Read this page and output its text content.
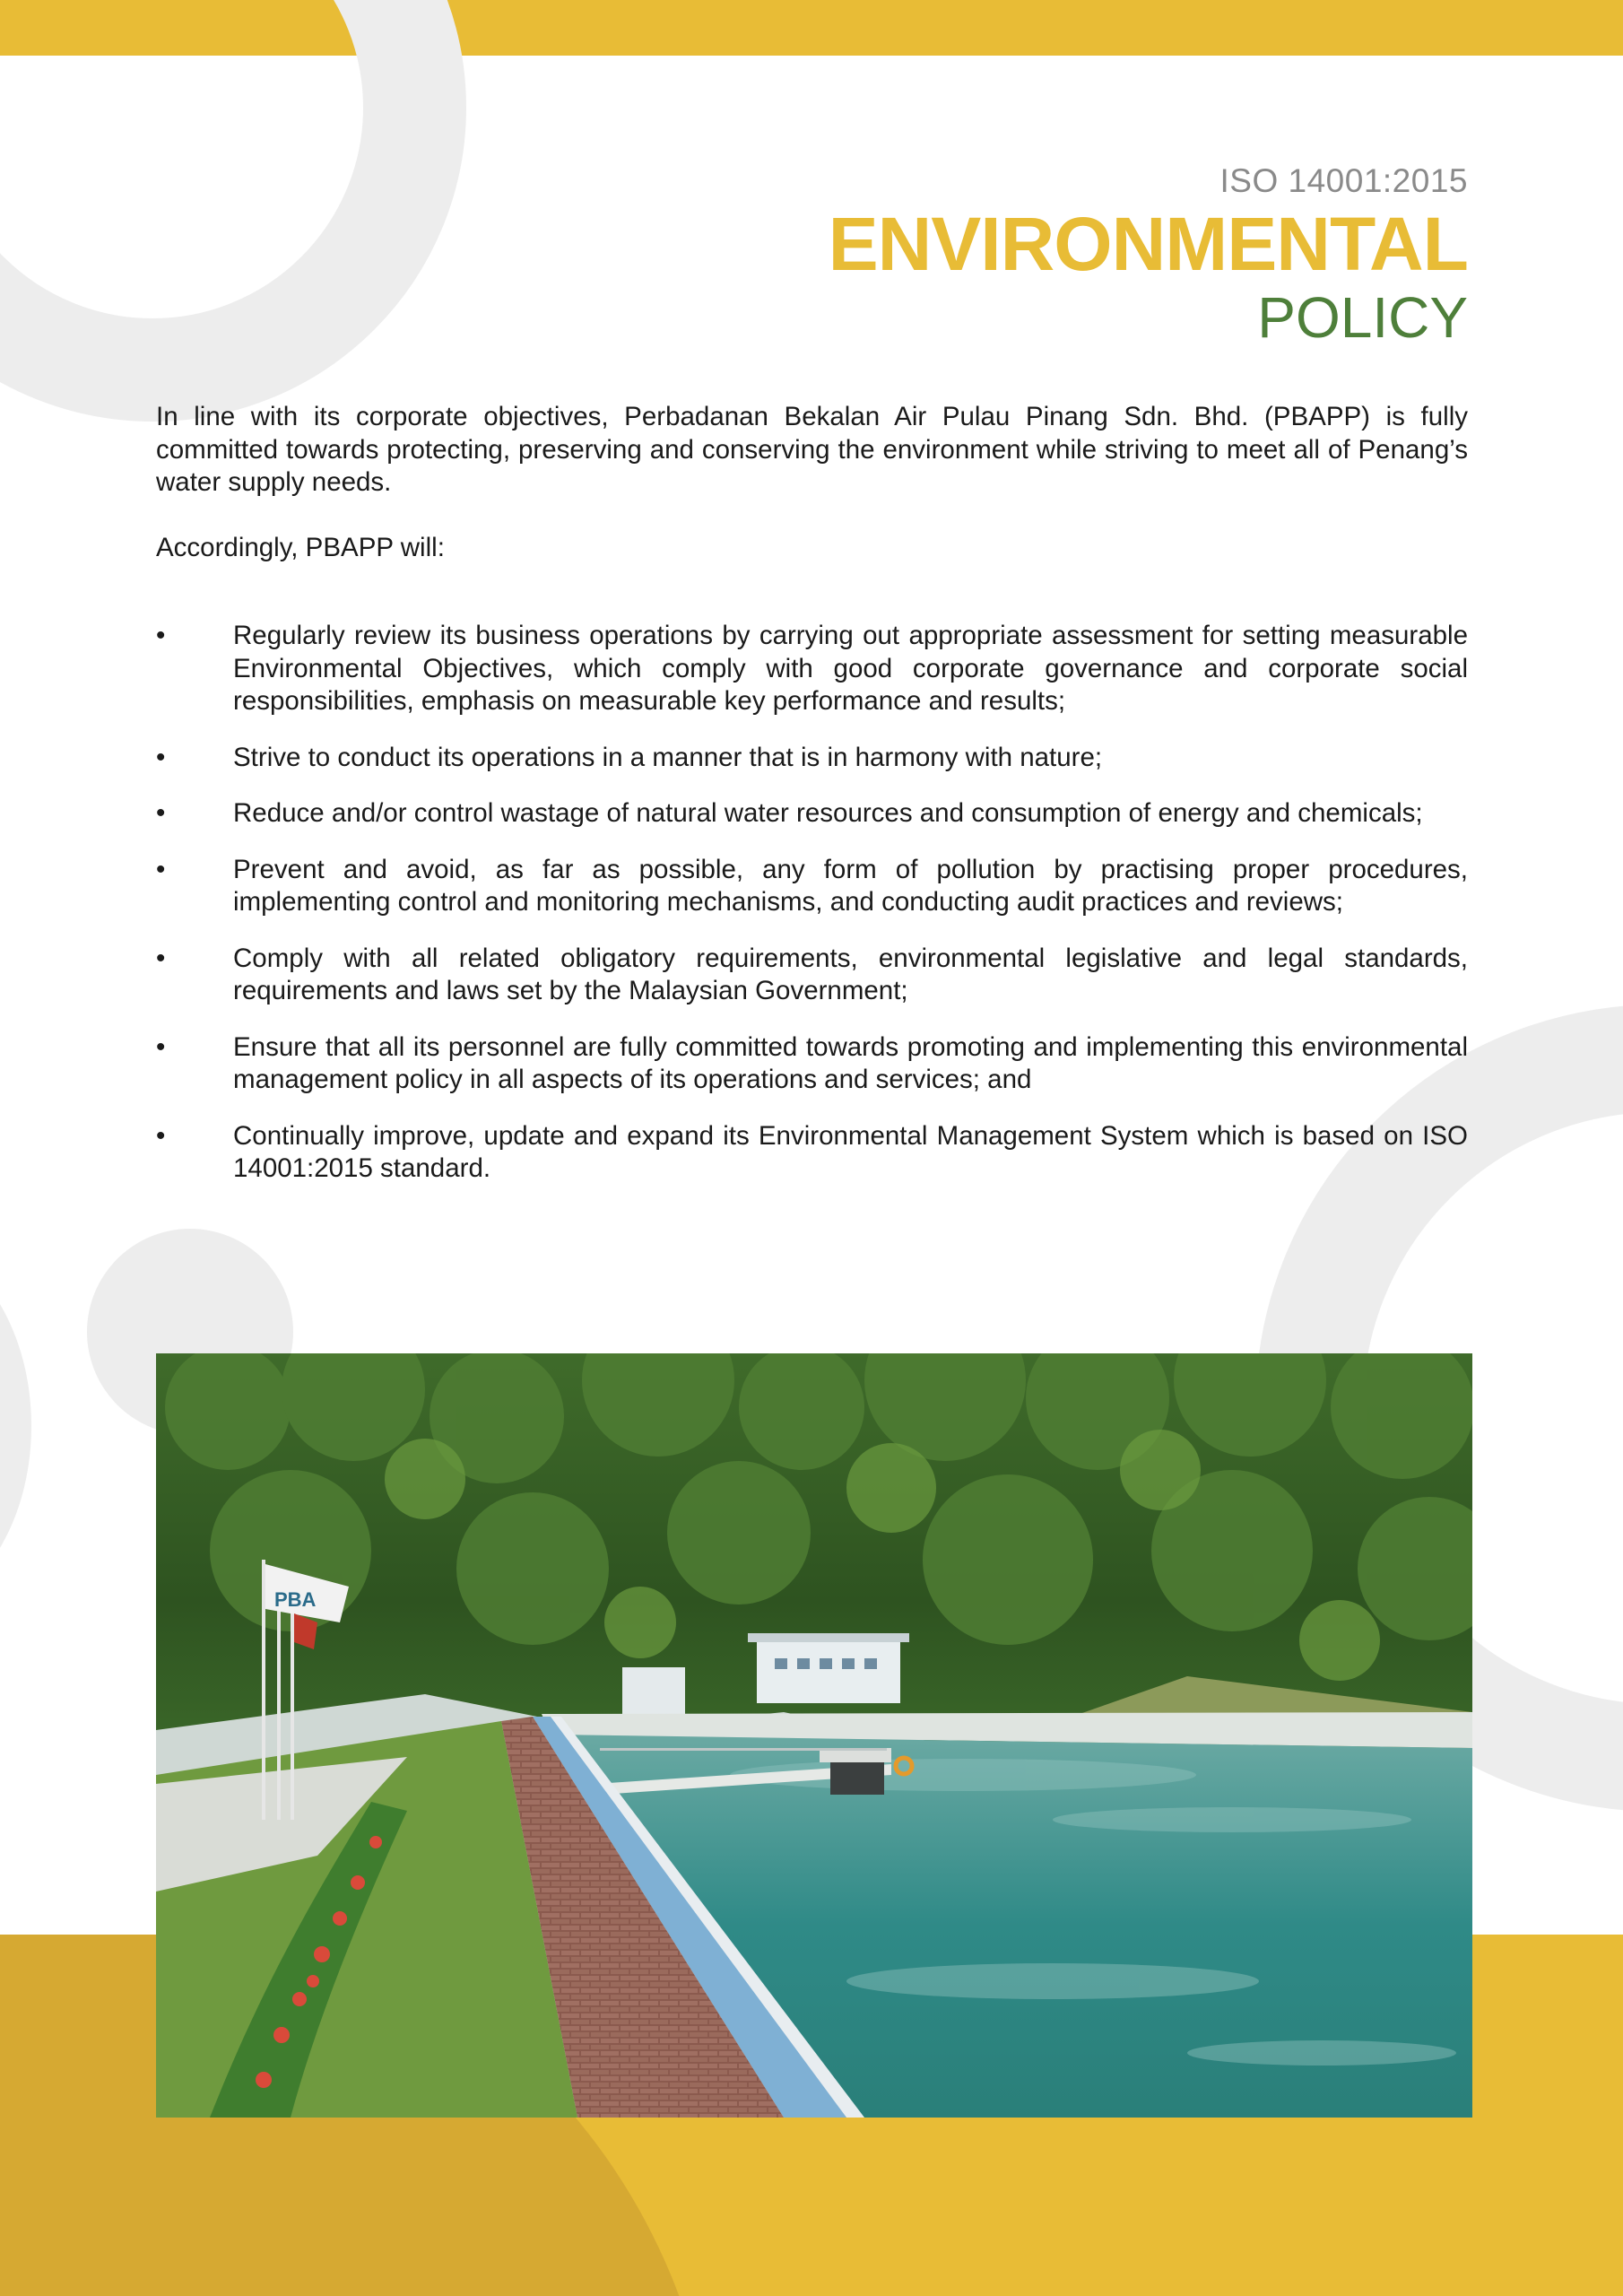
ISO 14001:2015
ENVIRONMENTAL
POLICY

In line with its corporate objectives, Perbadanan Bekalan Air Pulau Pinang Sdn. Bhd. (PBAPP) is fully committed towards protecting, preserving and conserving the environment while striving to meet all of Penang’s water supply needs.

Accordingly, PBAPP will:

•	Regularly review its business operations by carrying out appropriate assessment for setting measurable Environmental Objectives, which comply with good corporate governance and corporate social responsibilities, emphasis on measurable key performance and results;
•	Strive to conduct its operations in a manner that is in harmony with nature;
•	Reduce and/or control wastage of natural water resources and consumption of energy and chemicals;
•	Prevent and avoid, as far as possible, any form of pollution by practising proper procedures, implementing control and monitoring mechanisms, and conducting audit practices and reviews;
•	Comply with all related obligatory requirements, environmental legislative and legal standards, requirements and laws set by the Malaysian Government;
•	Ensure that all its personnel are fully committed towards promoting and implementing this environmental management policy in all aspects of its operations and services; and
•	Continually improve, update and expand its Environmental Management System which is based on ISO 14001:2015 standard.
PBA
